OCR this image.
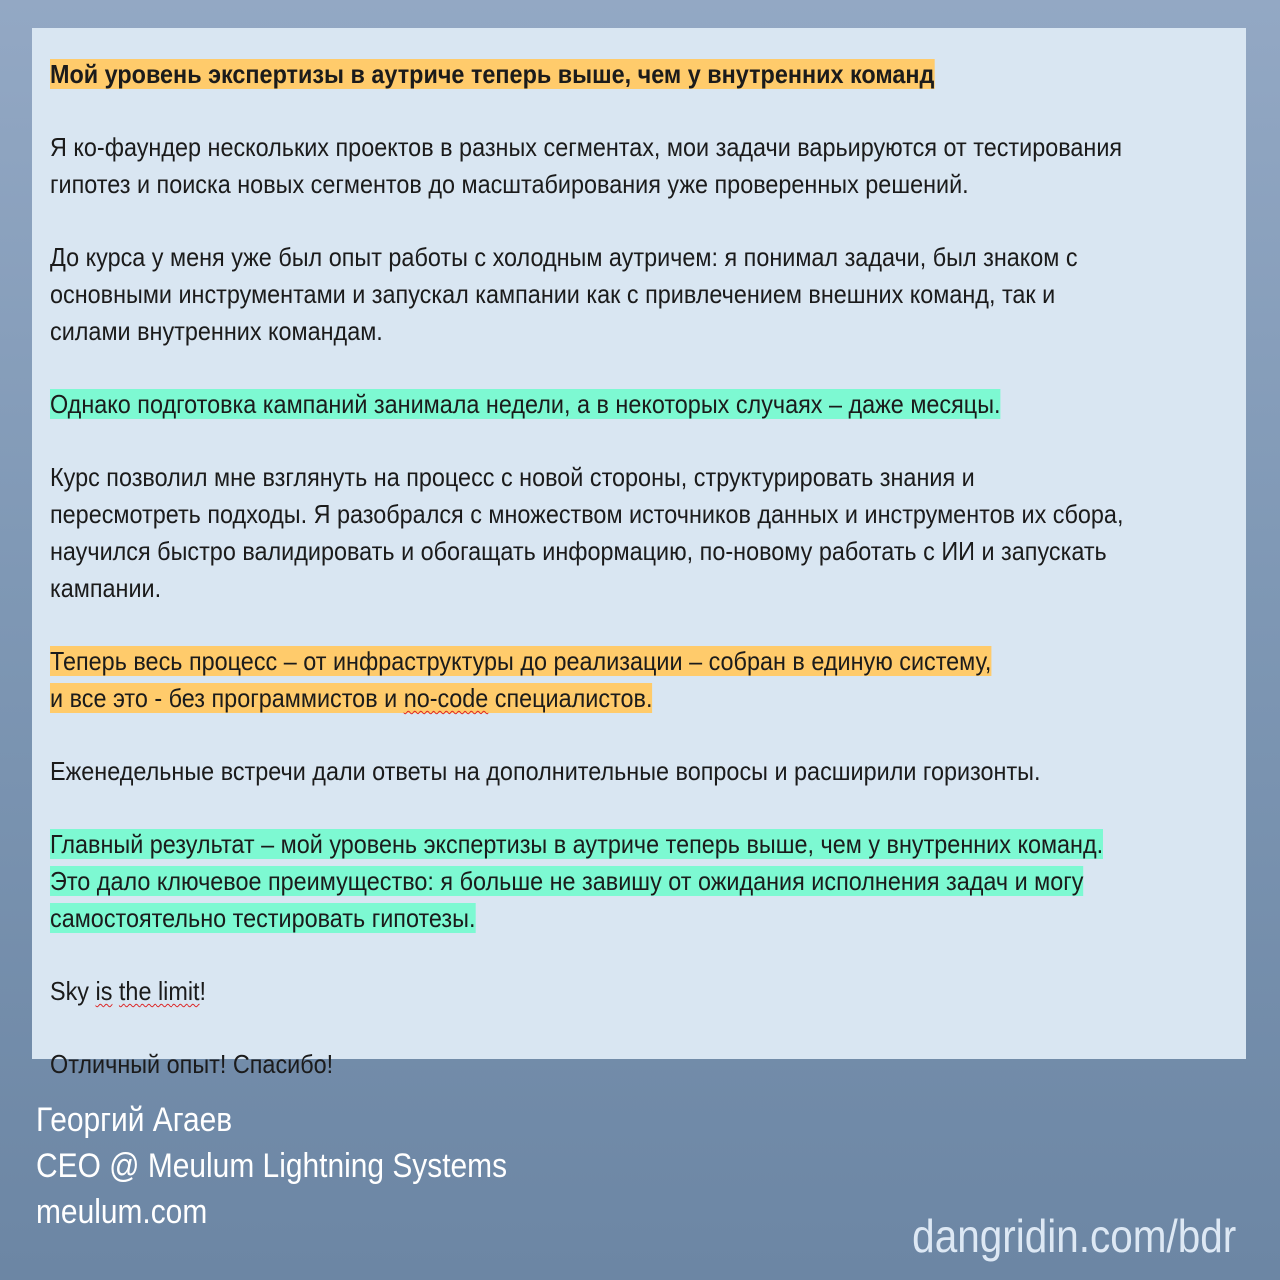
Мой уровень экспертизы в аутриче теперь выше, чем у внутренних команд

Я ко-фаундер нескольких проектов в разных сегментах, мои задачи варьируются от тестирования гипотез и поиска новых сегментов до масштабирования уже проверенных решений.

До курса у меня уже был опыт работы с холодным аутричем: я понимал задачи, был знаком с основными инструментами и запускал кампании как с привлечением внешних команд, так и силами внутренних командам.

Однако подготовка кампаний занимала недели, а в некоторых случаях – даже месяцы.

Курс позволил мне взглянуть на процесс с новой стороны, структурировать знания и пересмотреть подходы. Я разобрался с множеством источников данных и инструментов их сбора, научился быстро валидировать и обогащать информацию, по-новому работать с ИИ и запускать кампании.

Теперь весь процесс – от инфраструктуры до реализации – собран в единую систему,
и все это - без программистов и no-code специалистов.

Еженедельные встречи дали ответы на дополнительные вопросы и расширили горизонты.

Главный результат – мой уровень экспертизы в аутриче теперь выше, чем у внутренних команд.
Это дало ключевое преимущество: я больше не завишу от ожидания исполнения задач и могу
самостоятельно тестировать гипотезы.

Sky is the limit!

Отличный опыт! Спасибо!

Георгий Агаев
CEO @ Meulum Lightning Systems
meulum.com	dangridin.com/bdr
